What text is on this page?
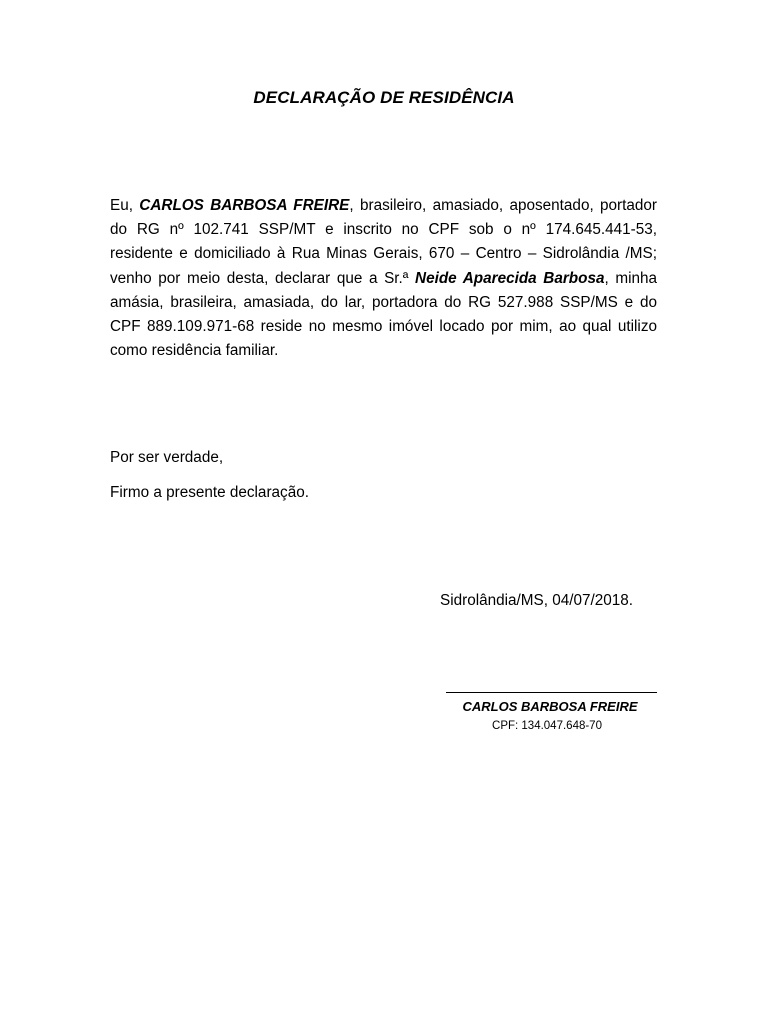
DECLARAÇÃO DE RESIDÊNCIA

Eu, CARLOS BARBOSA FREIRE, brasileiro, amasiado, aposentado, portador do RG nº 102.741 SSP/MT e inscrito no CPF sob o nº 174.645.441-53, residente e domiciliado à Rua Minas Gerais, 670 – Centro – Sidrolândia /MS; venho por meio desta, declarar que a Sr.ª Neide Aparecida Barbosa, minha amásia, brasileira, amasiada, do lar, portadora do RG 527.988 SSP/MS e do CPF 889.109.971-68 reside no mesmo imóvel locado por mim, ao qual utilizo como residência familiar.

Por ser verdade,

Firmo a presente declaração.

Sidrolândia/MS, 04/07/2018.

CARLOS BARBOSA FREIRE

CPF: 134.047.648-70
